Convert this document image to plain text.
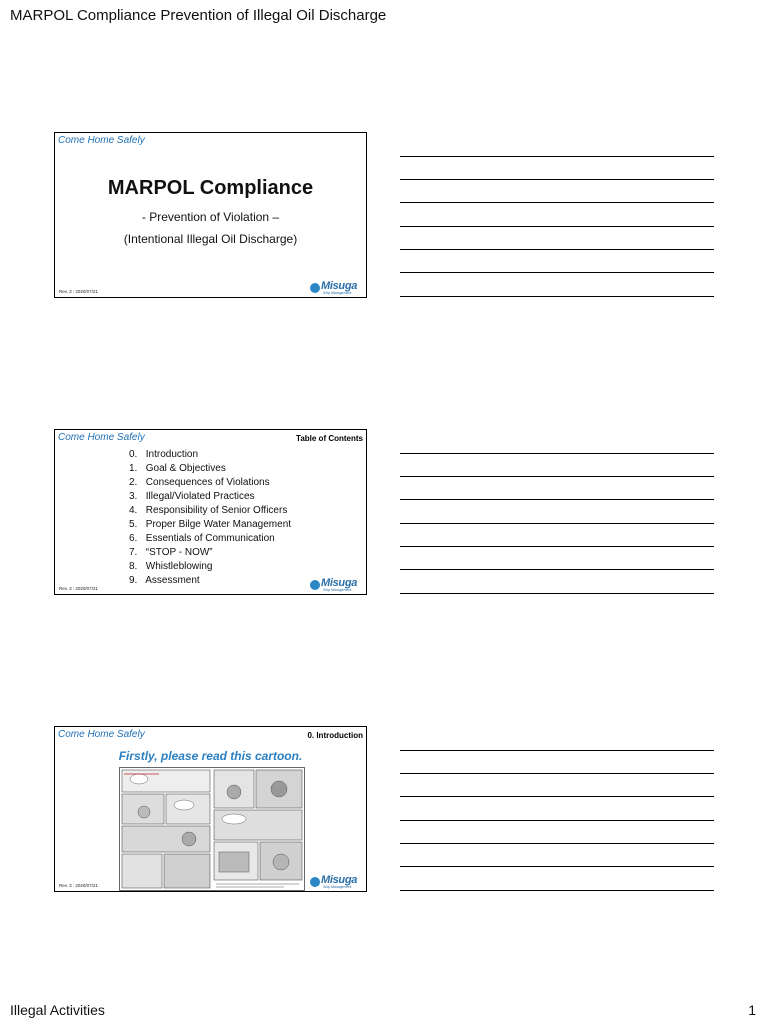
MARPOL Compliance Prevention of Illegal Oil Discharge
Come Home Safely
MARPOL Compliance
- Prevention of Violation –
(Intentional Illegal Oil Discharge)
Rev. 3 : 2020/07/21	Misuga
Ship Management
Come Home Safely	Table of Contents
0. Introduction
1. Goal & Objectives
2. Consequences of Violations
3. Illegal/Violated Practices
4. Responsibility of Senior Officers
5. Proper Bilge Water Management
6. Essentials of Communication
7. “STOP - NOW”
8. Whistleblowing
9. Assessment
Rev. 3 : 2020/07/21	Misuga
Ship Management
Come Home Safely	0. Introduction
Firstly, please read this cartoon.
Rev. 3 : 2020/07/21	Misuga
Ship Management
Illegal Activities	1
